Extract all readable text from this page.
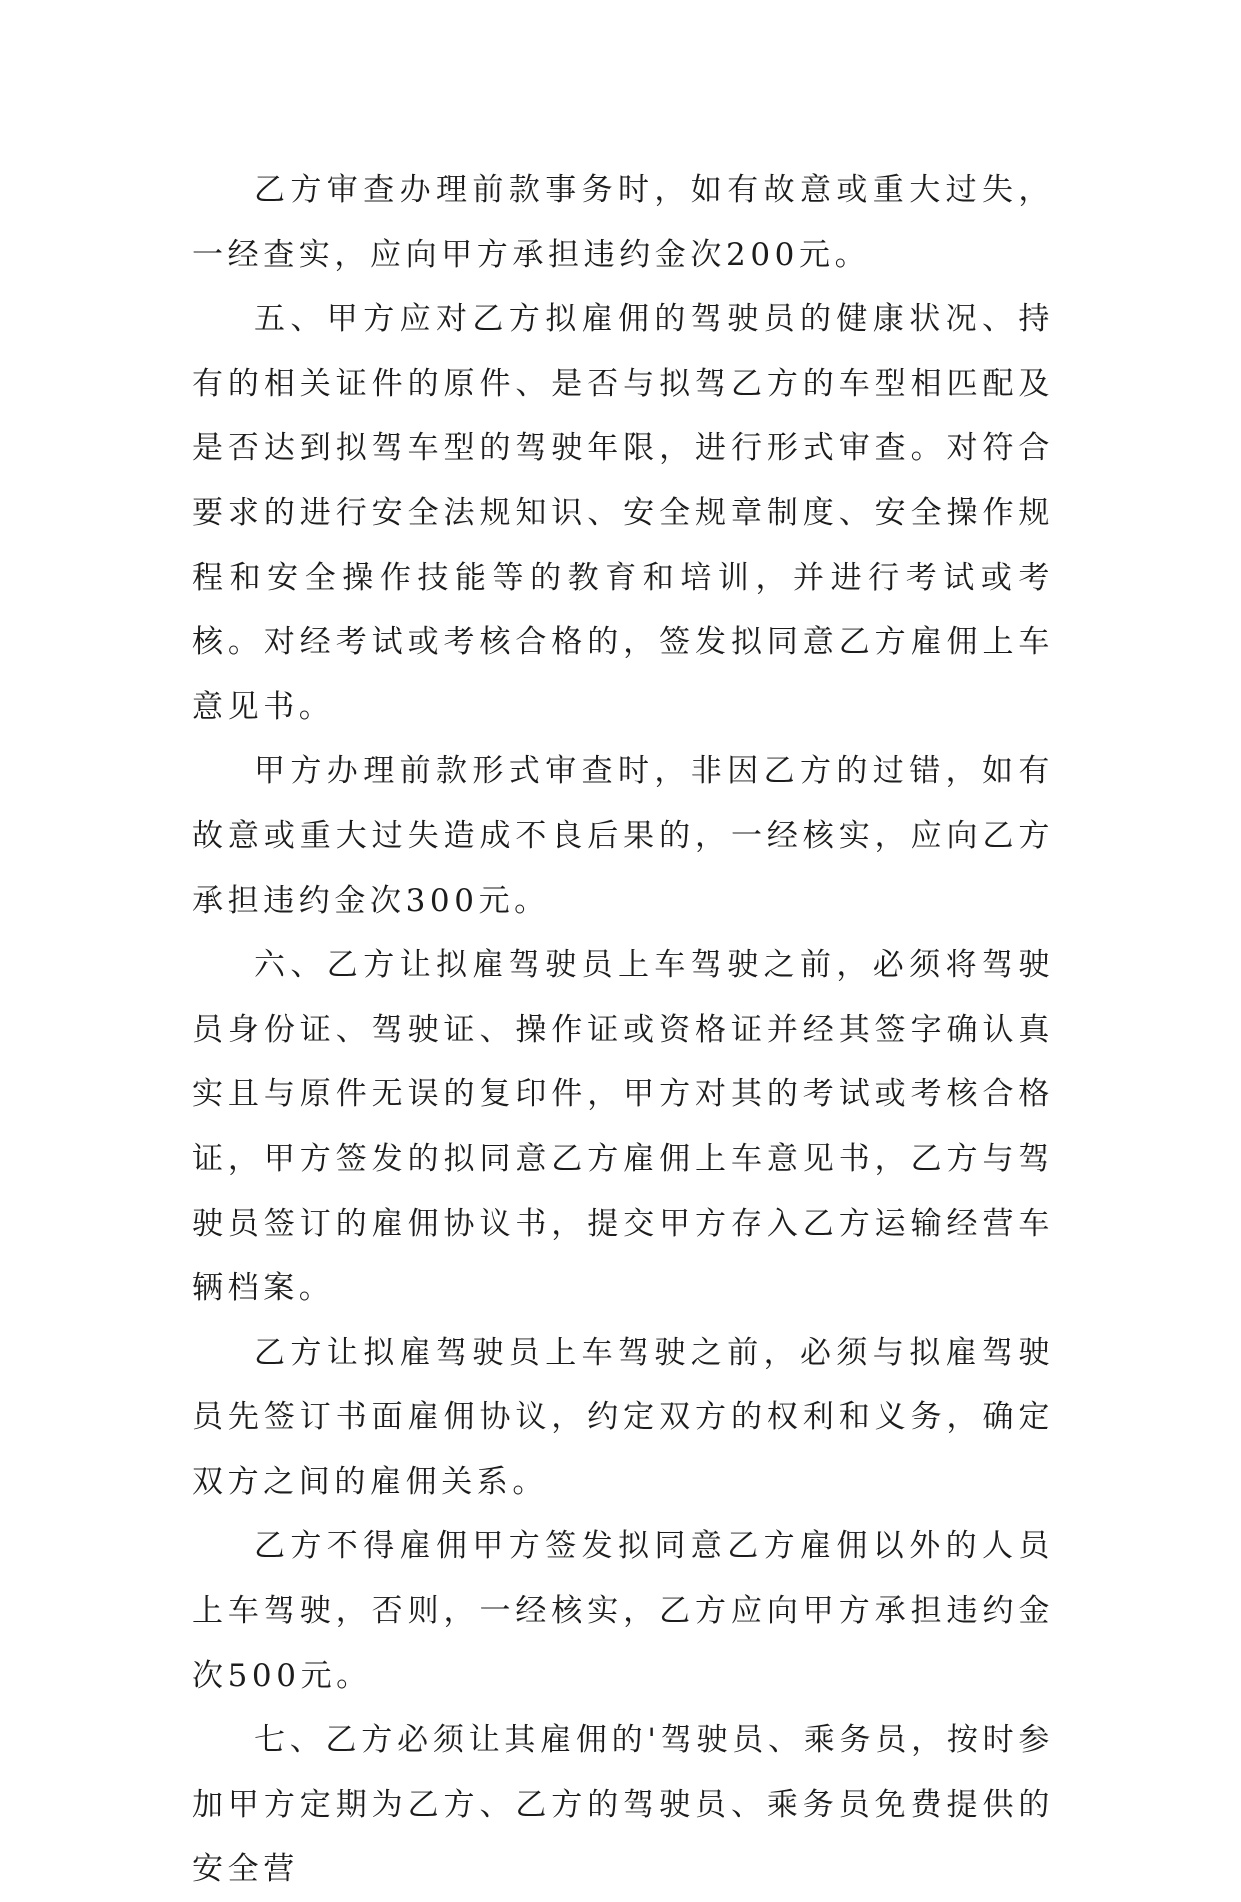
乙方审查办理前款事务时，如有故意或重大过失，一经查实，应向甲方承担违约金次200元。

五、甲方应对乙方拟雇佣的驾驶员的健康状况、持有的相关证件的原件、是否与拟驾乙方的车型相匹配及是否达到拟驾车型的驾驶年限，进行形式审查。对符合要求的进行安全法规知识、安全规章制度、安全操作规程和安全操作技能等的教育和培训，并进行考试或考核。对经考试或考核合格的，签发拟同意乙方雇佣上车意见书。

甲方办理前款形式审查时，非因乙方的过错，如有故意或重大过失造成不良后果的，一经核实，应向乙方承担违约金次300元。

六、乙方让拟雇驾驶员上车驾驶之前，必须将驾驶员身份证、驾驶证、操作证或资格证并经其签字确认真实且与原件无误的复印件，甲方对其的考试或考核合格证，甲方签发的拟同意乙方雇佣上车意见书，乙方与驾驶员签订的雇佣协议书，提交甲方存入乙方运输经营车辆档案。

乙方让拟雇驾驶员上车驾驶之前，必须与拟雇驾驶员先签订书面雇佣协议，约定双方的权利和义务，确定双方之间的雇佣关系。

乙方不得雇佣甲方签发拟同意乙方雇佣以外的人员上车驾驶，否则，一经核实，乙方应向甲方承担违约金次500元。

七、乙方必须让其雇佣的'驾驶员、乘务员，按时参加甲方定期为乙方、乙方的驾驶员、乘务员免费提供的安全营
